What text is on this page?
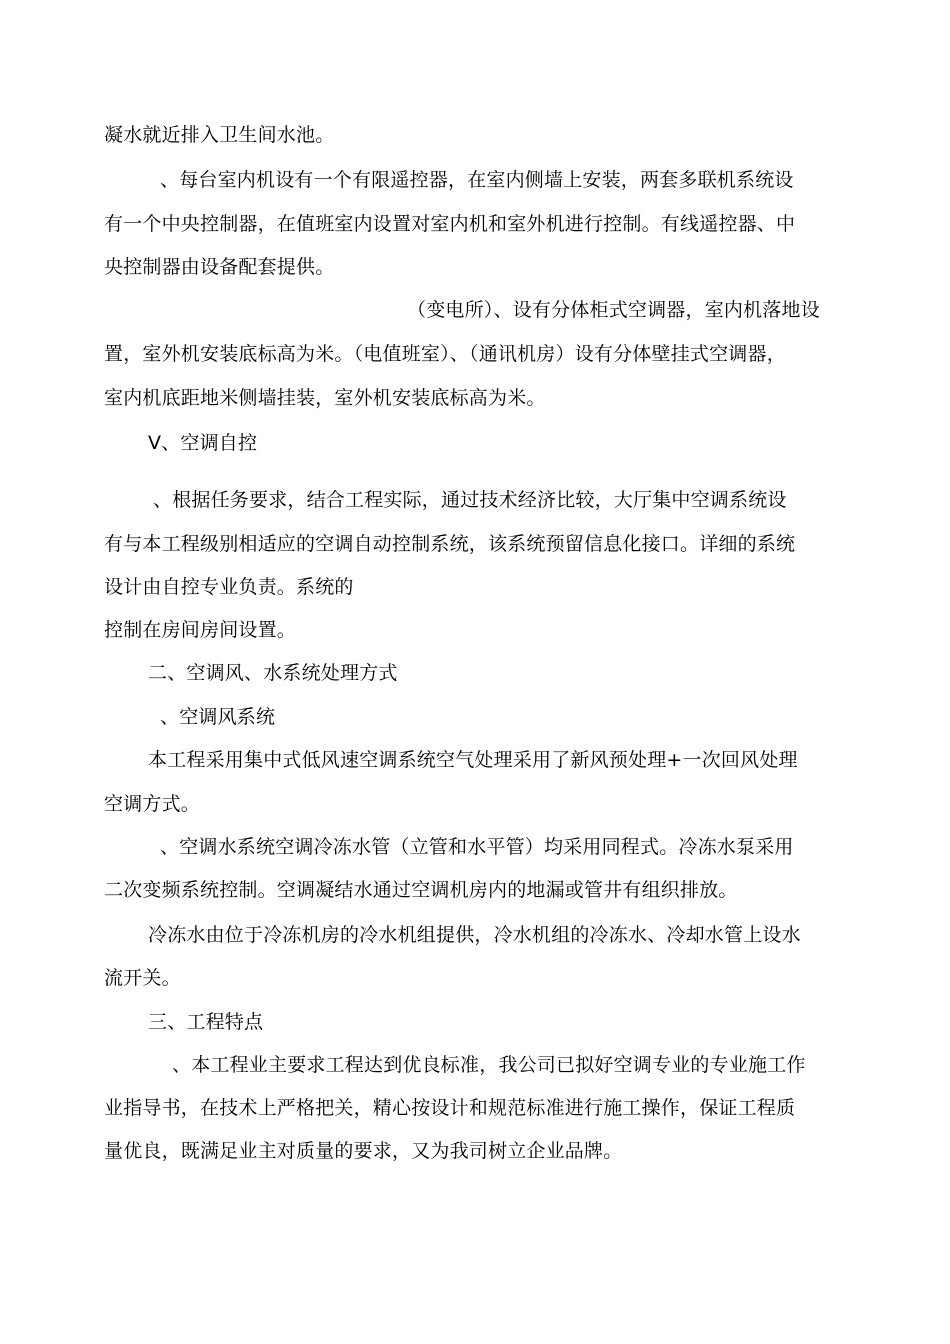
凝水就近排入卫生间水池。
、每台室内机设有一个有限遥控器，在室内侧墙上安装，两套多联机系统设
有一个中央控制器，在值班室内设置对室内机和室外机进行控制。有线遥控器、中
央控制器由设备配套提供。
（变电所）、设有分体柜式空调器，室内机落地设
置，室外机安装底标高为米。（电值班室）、（通讯机房）设有分体壁挂式空调器，
室内机底距地米侧墙挂装，室外机安装底标高为米。
V、空调自控
、根据任务要求，结合工程实际，通过技术经济比较，大厅集中空调系统设
有与本工程级别相适应的空调自动控制系统，该系统预留信息化接口。详细的系统
设计由自控专业负责。系统的
控制在房间房间设置。
二、空调风、水系统处理方式
、空调风系统
本工程采用集中式低风速空调系统空气处理采用了新风预处理+一次回风处理
空调方式。
、空调水系统空调冷冻水管（立管和水平管）均采用同程式。冷冻水泵采用
二次变频系统控制。空调凝结水通过空调机房内的地漏或管井有组织排放。
冷冻水由位于冷冻机房的冷水机组提供，冷水机组的冷冻水、冷却水管上设水
流开关。
三、工程特点
、本工程业主要求工程达到优良标准，我公司已拟好空调专业的专业施工作
业指导书，在技术上严格把关，精心按设计和规范标准进行施工操作，保证工程质
量优良，既满足业主对质量的要求，又为我司树立企业品牌。
